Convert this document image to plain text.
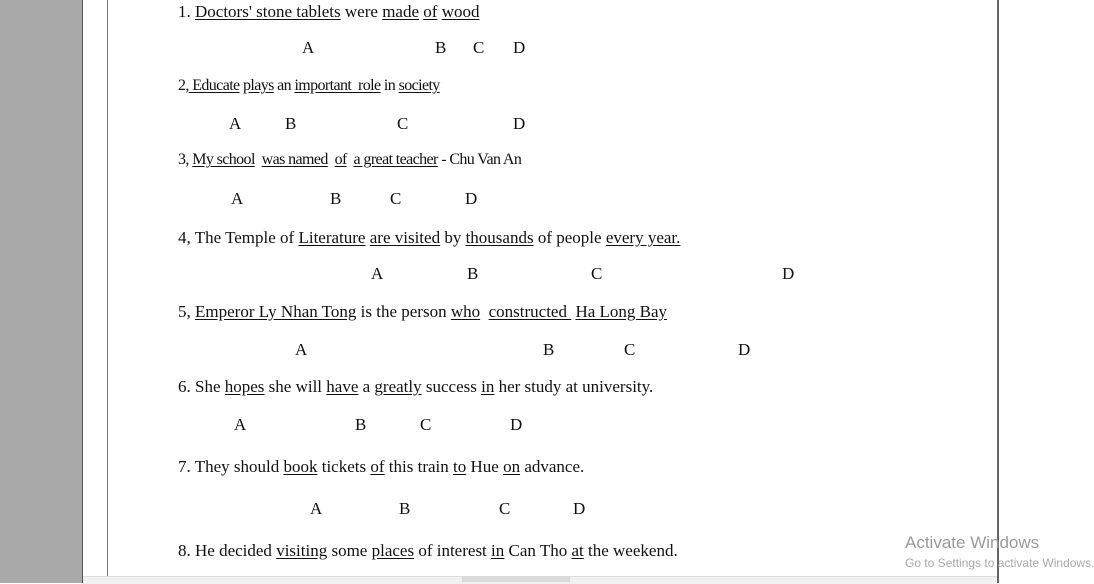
1. Doctors' stone tablets were made of wood
2, Educate plays an important  role in society
3, My school was named of a great teacher - Chu Van An
4, The Temple of Literature are visited by thousands of people every year.
5, Emperor Ly Nhan Tong is the person who constructed  Ha Long Bay
6. She hopes she will have a greatly success in her study at university.
7. They should book tickets of this train to Hue on advance.
8. He decided visiting some places of interest in Can Tho at the weekend.
A	B C D
A	B	C	D
A	B	C	D
A	B	C	D
A	B	C	D
A	B	C	D
A	B	C	D
Activate Windows
Go to Settings to activate Windows.
